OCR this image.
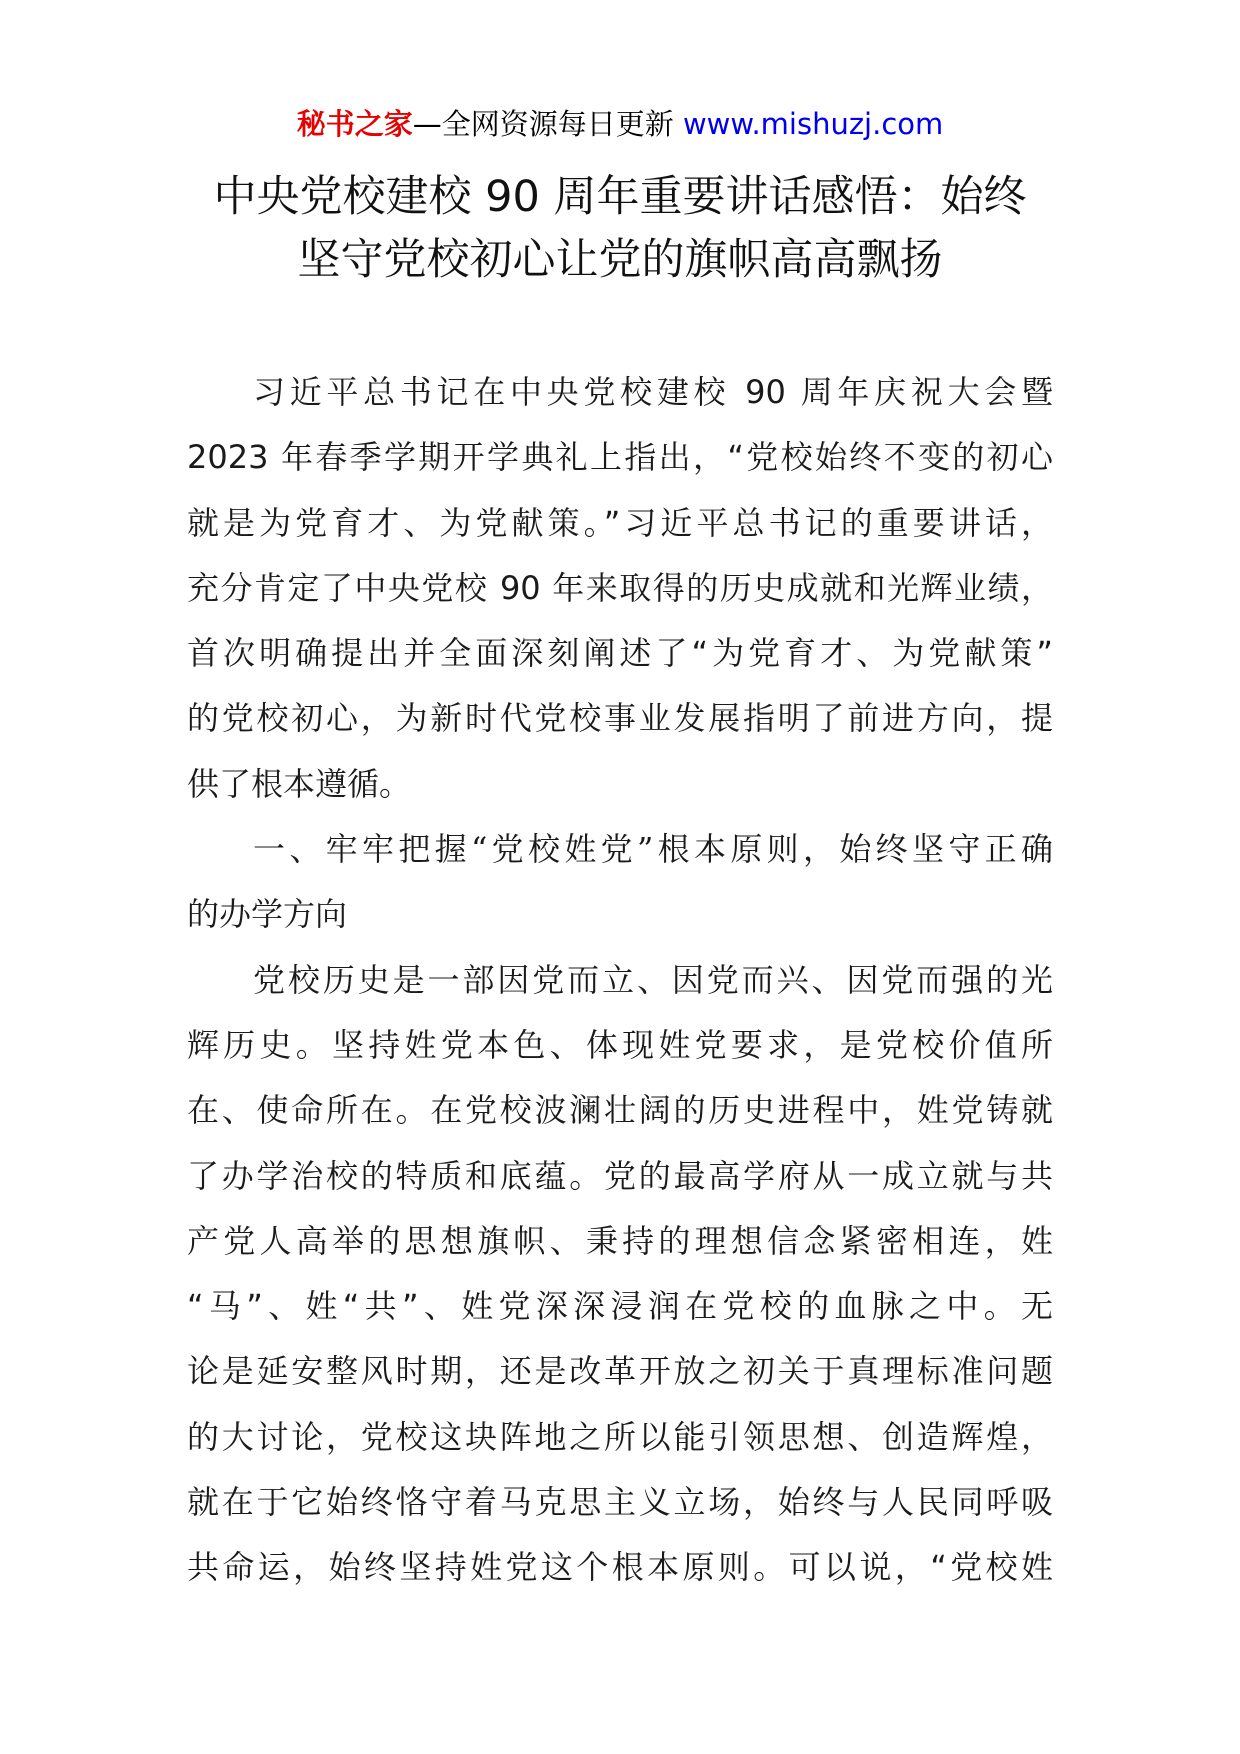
秘书之家—全网资源每日更新 www.mishuzj.com
中央党校建校 90 周年重要讲话感悟：始终
坚守党校初心让党的旗帜高高飘扬
习近平总书记在中央党校建校 90 周年庆祝大会暨
2023 年春季学期开学典礼上指出，“党校始终不变的初心
就是为党育才、为党献策。”习近平总书记的重要讲话，
充分肯定了中央党校 90 年来取得的历史成就和光辉业绩，
首次明确提出并全面深刻阐述了“为党育才、为党献策”
的党校初心，为新时代党校事业发展指明了前进方向，提
供了根本遵循。
一、牢牢把握“党校姓党”根本原则，始终坚守正确
的办学方向
党校历史是一部因党而立、因党而兴、因党而强的光
辉历史。坚持姓党本色、体现姓党要求，是党校价值所
在、使命所在。在党校波澜壮阔的历史进程中，姓党铸就
了办学治校的特质和底蕴。党的最高学府从一成立就与共
产党人高举的思想旗帜、秉持的理想信念紧密相连，姓
“马”、姓“共”、姓党深深浸润在党校的血脉之中。无
论是延安整风时期，还是改革开放之初关于真理标准问题
的大讨论，党校这块阵地之所以能引领思想、创造辉煌，
就在于它始终恪守着马克思主义立场，始终与人民同呼吸
共命运，始终坚持姓党这个根本原则。可以说，“党校姓
